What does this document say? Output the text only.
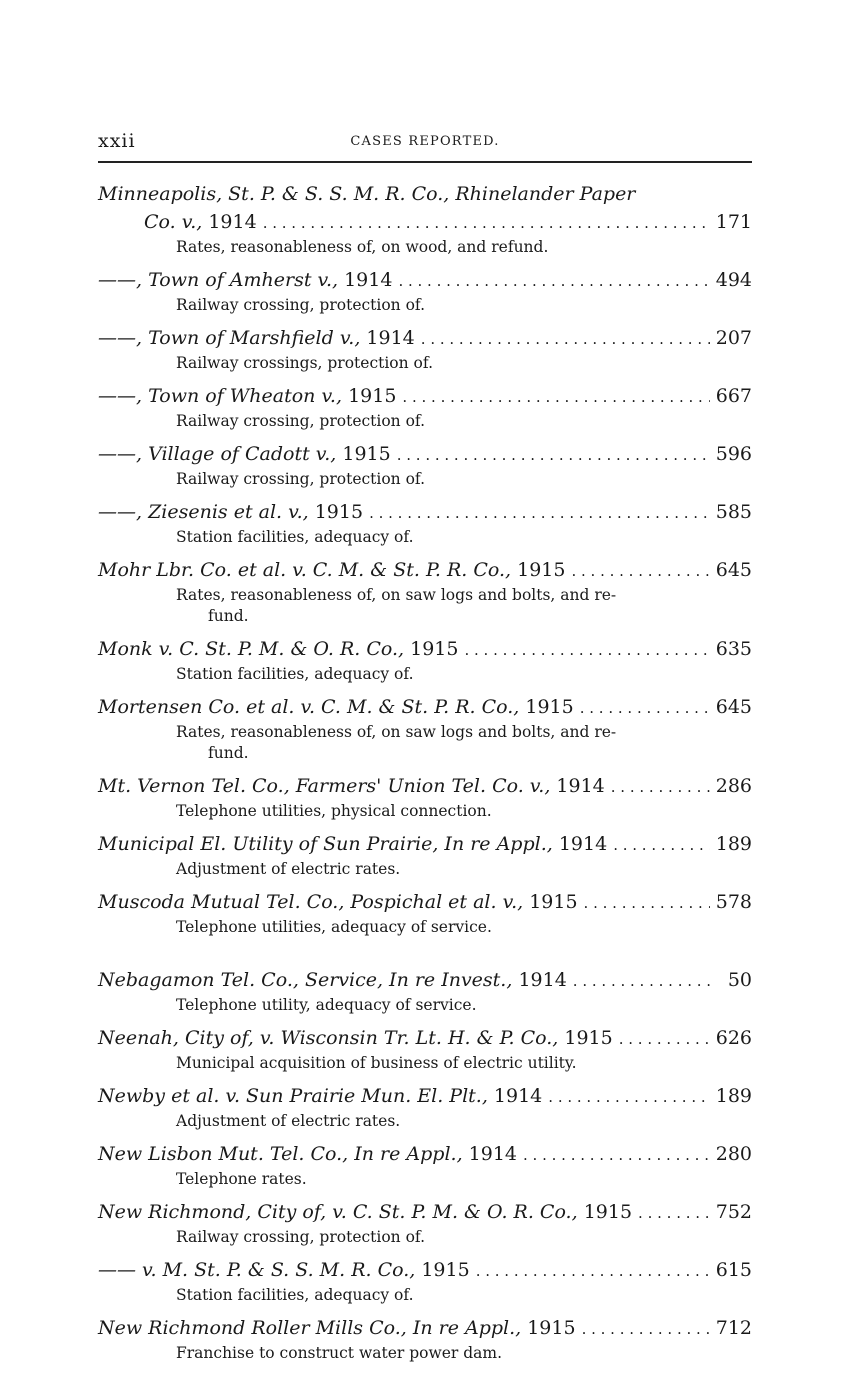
xxii	CASES REPORTED.
Minneapolis, St. P. & S. S. M. R. Co., Rhinelander Paper
Co. v., 1914 . . .	171
Rates, reasonableness of, on wood, and refund.
——, Town of Amherst v., 1914 . . .	494
Railway crossing, protection of.
——, Town of Marshfield v., 1914 . . .	207
Railway crossings, protection of.
——, Town of Wheaton v., 1915 . . .	667
Railway crossing, protection of.
——, Village of Cadott v., 1915 . . .	596
Railway crossing, protection of.
——, Ziesenis et al. v., 1915 . . .	585
Station facilities, adequacy of.
Mohr Lbr. Co. et al. v. C. M. & St. P. R. Co., 1915 . . .	645
Rates, reasonableness of, on saw logs and bolts, and re-
fund.
Monk v. C. St. P. M. & O. R. Co., 1915 . . .	635
Station facilities, adequacy of.
Mortensen Co. et al. v. C. M. & St. P. R. Co., 1915 . . .	645
Rates, reasonableness of, on saw logs and bolts, and re-
fund.
Mt. Vernon Tel. Co., Farmers' Union Tel. Co. v., 1914 . . .	286
Telephone utilities, physical connection.
Municipal El. Utility of Sun Prairie, In re Appl., 1914 . . .	189
Adjustment of electric rates.
Muscoda Mutual Tel. Co., Pospichal et al. v., 1915 . . .	578
Telephone utilities, adequacy of service.
Nebagamon Tel. Co., Service, In re Invest., 1914 . . .	50
Telephone utility, adequacy of service.
Neenah, City of, v. Wisconsin Tr. Lt. H. & P. Co., 1915 . . .	626
Municipal acquisition of business of electric utility.
Newby et al. v. Sun Prairie Mun. El. Plt., 1914 . . .	189
Adjustment of electric rates.
New Lisbon Mut. Tel. Co., In re Appl., 1914 . . .	280
Telephone rates.
New Richmond, City of, v. C. St. P. M. & O. R. Co., 1915 . . .	752
Railway crossing, protection of.
—— v. M. St. P. & S. S. M. R. Co., 1915 . . .	615
Station facilities, adequacy of.
New Richmond Roller Mills Co., In re Appl., 1915 . . .	712
Franchise to construct water power dam.
